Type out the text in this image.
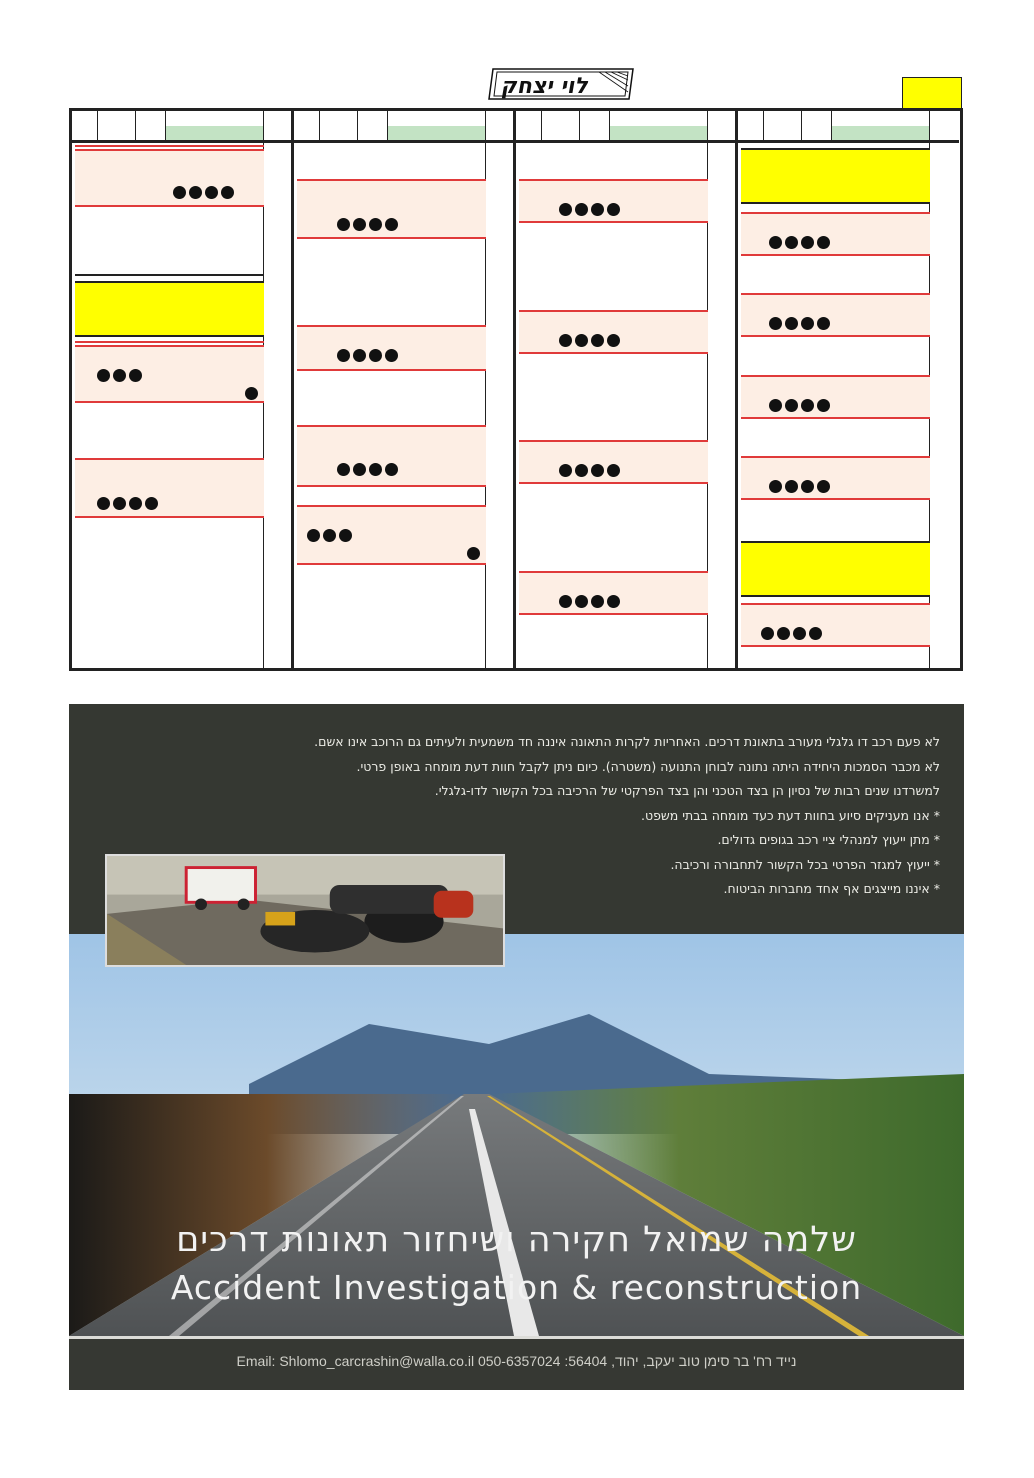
לוי יצחק

לא פעם רכב דו גלגלי מעורב בתאונת דרכים. האחריות לקרות התאונה איננה חד משמעית ולעיתים גם הרוכב אינו אשם.

לא מכבר הסמכות היחידה היתה נתונה לבוחן התנועה (משטרה). כיום ניתן לקבל חוות דעת מומחה באופן פרטי.

למשרדנו שנים רבות של נסיון הן בצד הטכני והן בצד הפרקטי של הרכיבה בכל הקשור לדו-גלגלי.

* אנו מעניקים סיוע בחוות דעת כעד מומחה בבתי משפט.

* מתן ייעוץ למנהלי ציי רכב בגופים גדולים.

* ייעוץ למגזר הפרטי בכל הקשור לתחבורה ורכיבה.

* איננו מייצגים אף אחד מחברות הביטוח.

שלמה שמואל חקירה ושיחזור תאונות דרכים
Accident Investigation & reconstruction
Email: Shlomo_carcrashin@walla.co.il 050-6357024 :נייד רח' בר סימן טוב יעקב, יהוד, 56404
